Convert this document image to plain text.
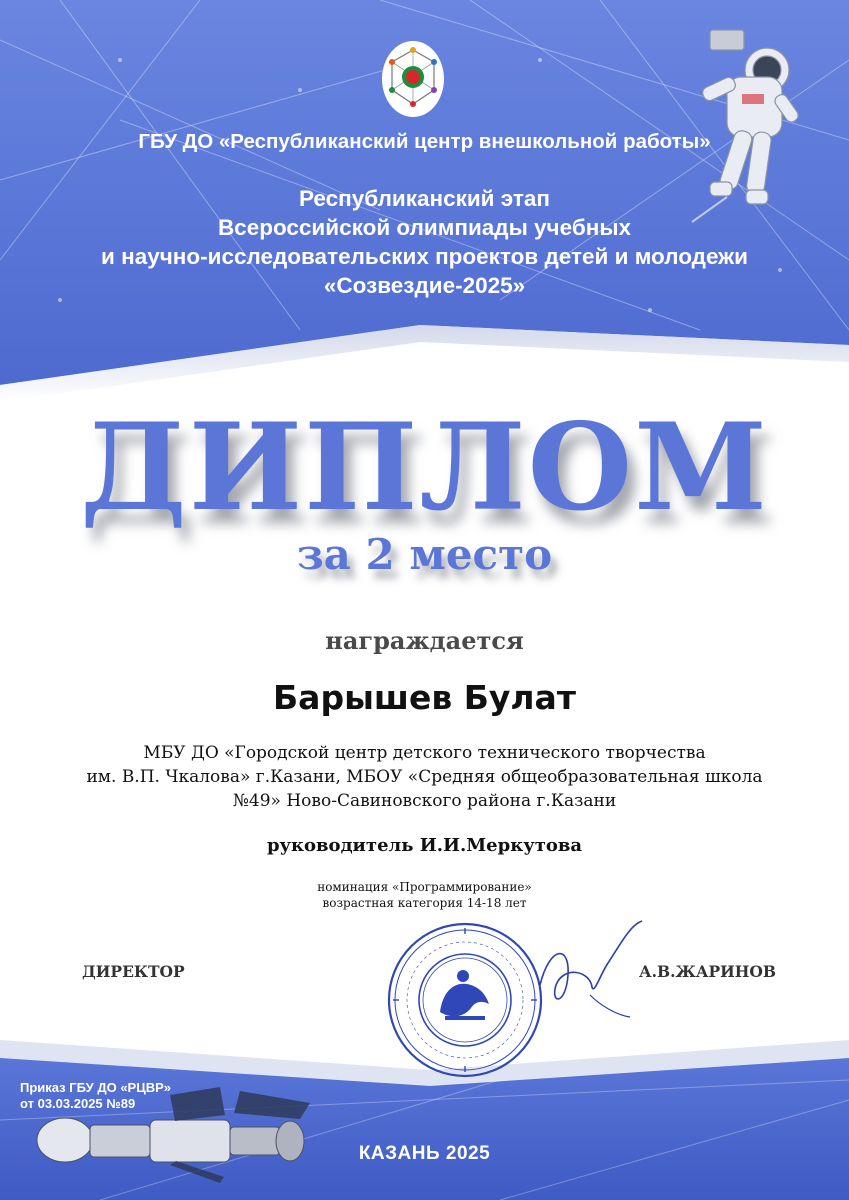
ГБУ ДО «Республиканский центр внешкольной работы»
Республиканский этап
Всероссийской олимпиады учебных
и научно-исследовательских проектов детей и молодежи
«Созвездие-2025»
ДИПЛОМ
за 2 место
награждается
Барышев Булат
МБУ ДО «Городской центр детского технического творчества
им. В.П. Чкалова» г.Казани, МБОУ «Средняя общеобразовательная школа
№49» Ново-Савиновского района г.Казани
руководитель И.И.Меркутова
номинация «Программирование»
возрастная категория 14-18 лет
ДИРЕКТОР	А.В.ЖАРИНОВ
Приказ ГБУ ДО «РЦВР»
от 03.03.2025 №89
КАЗАНЬ 2025
